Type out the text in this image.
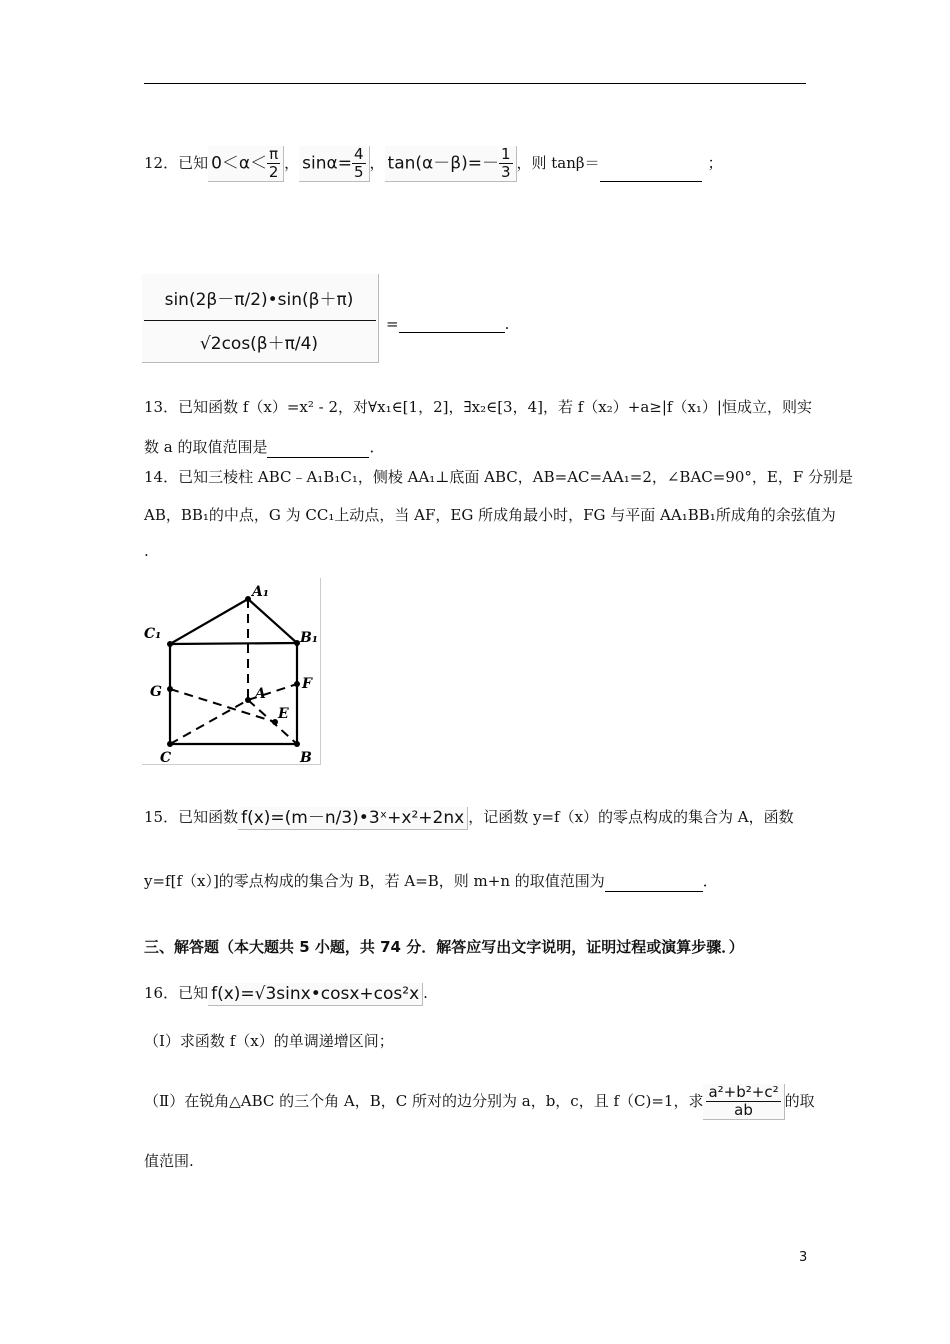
12．已知 $0<\alpha< \frac{\pi}{2}$ ， $\sin\alpha= \frac{4}{5}$ ， $\tan(\alpha-\beta)=- \frac{1}{3}$ ，则 tanβ＝	；
sin(2β－π/2)•sin(β＋π)
√2cos(β＋π/4)
=	.
13．已知函数 f（x）=x² - 2，对∀x₁∈[1，2]，∃x₂∈[3，4]，若 f（x₂）+a≥|f（x₁）|恒成立，则实
数 a 的取值范围是	．
14．已知三棱柱 ABC﹣A₁B₁C₁，侧棱 AA₁⊥底面 ABC，AB=AC=AA₁=2，∠BAC=90°，E，F 分别是
AB，BB₁的中点，G 为 CC₁上动点，当 AF，EG 所成角最小时，FG 与平面 AA₁BB₁所成角的余弦值为
.
A₁
C₁	B₁
G	F
A
E
C	B
15．已知函数 f(x)=(m－n/3)•3ˣ+x²+2nx ，记函数 y=f（x）的零点构成的集合为 A，函数
y=f[f（x）]的零点构成的集合为 B，若 A=B，则 m+n 的取值范围为	．
三、解答题（本大题共 5 小题，共 74 分．解答应写出文字说明，证明过程或演算步骤．）
16．已知 f(x)=√3sinx•cosx+cos²x .
（Ⅰ）求函数 f（x）的单调递增区间；
（Ⅱ）在锐角△ABC 的三个角 A，B，C 所对的边分别为 a，b，c，且 f（C)=1，求 $\frac{\text{a²+b²+c²}}{ab}$ 的取
值范围.
3
